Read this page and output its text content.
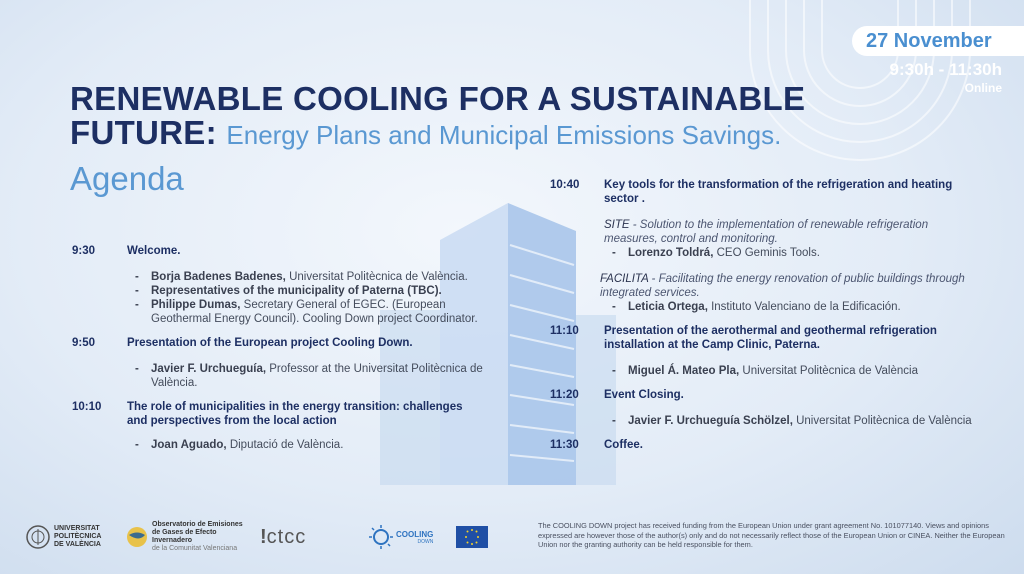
27 November
9:30h - 11:30h
Online
RENEWABLE COOLING FOR A SUSTAINABLE FUTURE: Energy Plans and Municipal Emissions Savings.
Agenda
9:30	Welcome.
-	Borja Badenes Badenes, Universitat Politècnica de València.
-	Representatives of the municipality of Paterna (TBC).
-	Philippe Dumas, Secretary General of EGEC. (European Geothermal Energy Council). Cooling Down project Coordinator.
9:50	Presentation of the European project Cooling Down.
-	Javier F. Urchueguía, Professor at the Universitat Politècnica de València.
10:10 The role of municipalities in the energy transition: challenges and perspectives from the local action
-	Joan Aguado, Diputació de València.
10:40 Key tools for the transformation of the refrigeration and heating sector .
SITE - Solution to the implementation of renewable refrigeration measures, control and monitoring.
-	Lorenzo Toldrá, CEO Geminis Tools.
FACILITA - Facilitating the energy renovation of public buildings through integrated services.
-	Leticia Ortega, Instituto Valenciano de la Edificación.
11:10 Presentation of the aerothermal and geothermal refrigeration installation at the Camp Clinic, Paterna.
-	Miguel Á. Mateo Pla, Universitat Politècnica de València
11:20 Event Closing.
-	Javier F. Urchueguía Schölzel, Universitat Politècnica de València
11:30 Coffee.
UNIVERSITAT POLITÈCNICA DE VALÈNCIA
Observatorio de Emisiones de Gases de Efecto Invernadero
de la Comunitat Valenciana
! ctcc	COOLING
DOWN
The COOLING DOWN project has received funding from the European Union under grant agreement No. 101077140. Views and opinions expressed are however those of the author(s) only and do not necessarily reflect those of the European Union or CINEA. Neither the European Union nor the granting authority can be held responsible for them.
